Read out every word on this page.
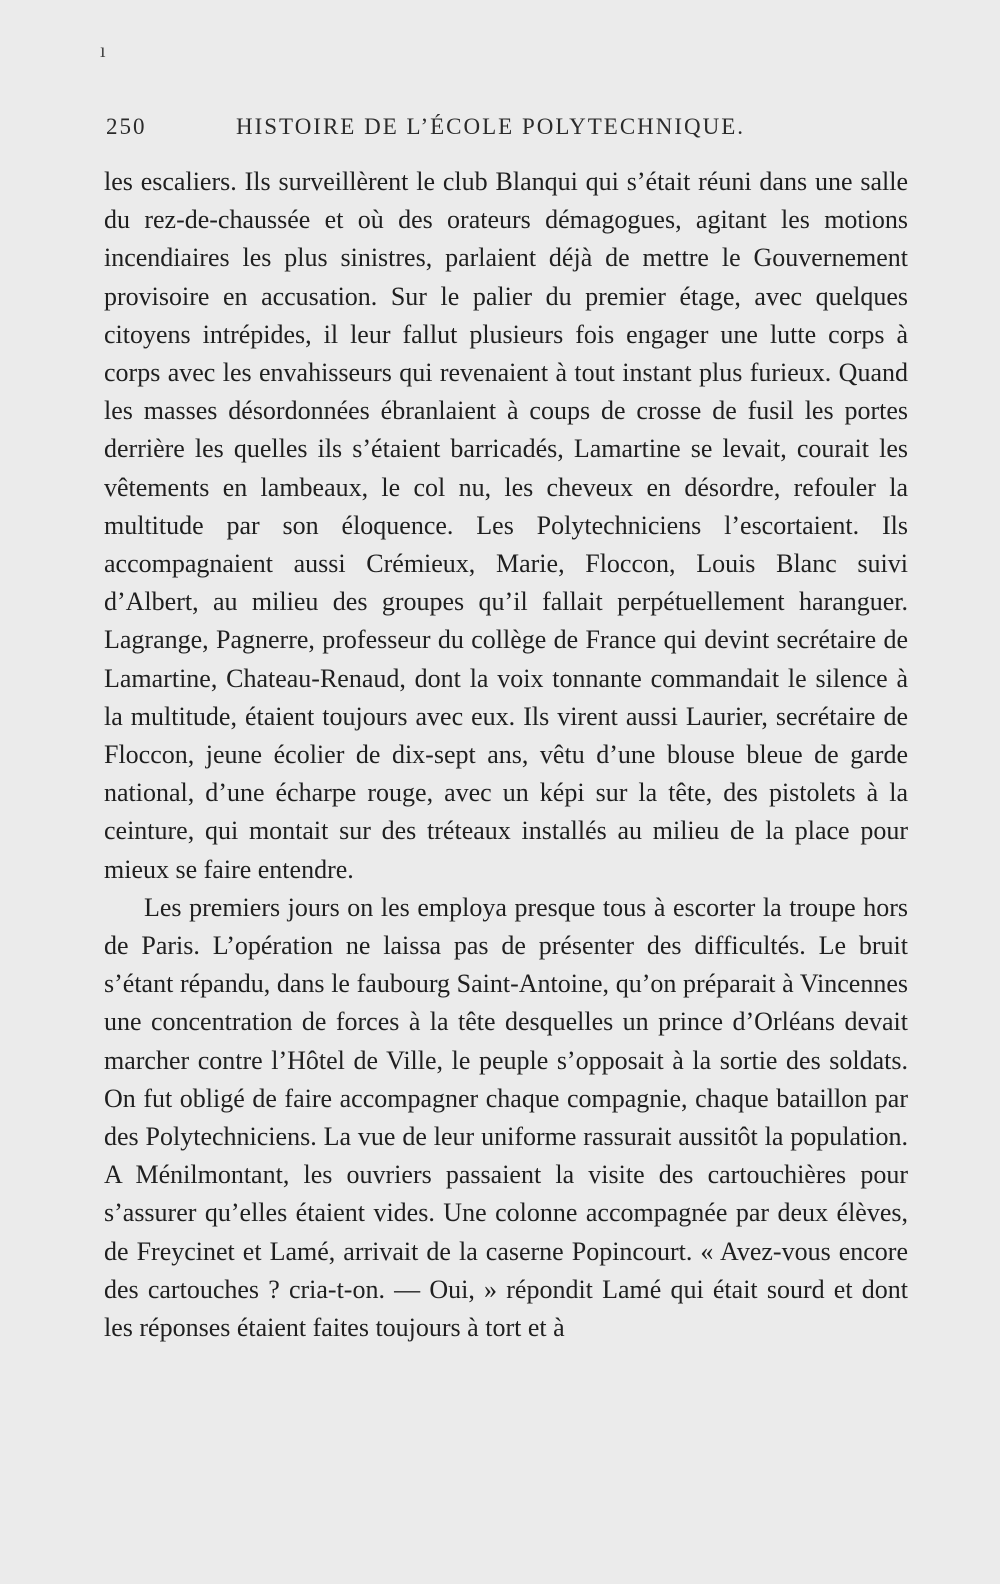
ı
250	HISTOIRE DE L’ÉCOLE POLYTECHNIQUE.

les escaliers. Ils surveillèrent le club Blanqui qui s’était réuni dans une salle du rez-de-chaussée et où des orateurs démagogues, agitant les motions incendiaires les plus sinistres, parlaient déjà de mettre le Gouvernement provisoire en accusation. Sur le palier du premier étage, avec quelques citoyens intrépides, il leur fallut plusieurs fois engager une lutte corps à corps avec les envahisseurs qui revenaient à tout instant plus furieux. Quand les masses désordonnées ébranlaient à coups de crosse de fusil les portes derrière les quelles ils s’étaient barricadés, Lamartine se levait, courait les vêtements en lambeaux, le col nu, les cheveux en désordre, refouler la multitude par son éloquence. Les Polytechniciens l’escortaient. Ils accompagnaient aussi Crémieux, Marie, Floccon, Louis Blanc suivi d’Albert, au milieu des groupes qu’il fallait perpétuellement haranguer. Lagrange, Pagnerre, professeur du collège de France qui devint secrétaire de Lamartine, Chateau-Renaud, dont la voix tonnante commandait le silence à la multitude, étaient toujours avec eux. Ils virent aussi Laurier, secrétaire de Floccon, jeune écolier de dix-sept ans, vêtu d’une blouse bleue de garde national, d’une écharpe rouge, avec un képi sur la tête, des pistolets à la ceinture, qui montait sur des tréteaux installés au milieu de la place pour mieux se faire entendre.

Les premiers jours on les employa presque tous à escorter la troupe hors de Paris. L’opération ne laissa pas de présenter des difficultés. Le bruit s’étant répandu, dans le faubourg Saint-Antoine, qu’on préparait à Vincennes une concentration de forces à la tête desquelles un prince d’Orléans devait marcher contre l’Hôtel de Ville, le peuple s’opposait à la sortie des soldats. On fut obligé de faire accompagner chaque compagnie, chaque bataillon par des Polytechniciens. La vue de leur uniforme rassurait aussitôt la population. A Ménilmontant, les ouvriers passaient la visite des cartouchières pour s’assurer qu’elles étaient vides. Une colonne accompagnée par deux élèves, de Freycinet et Lamé, arrivait de la caserne Popincourt. « Avez-vous encore des cartouches ? cria-t-on. — Oui, » répondit Lamé qui était sourd et dont les réponses étaient faites toujours à tort et à
